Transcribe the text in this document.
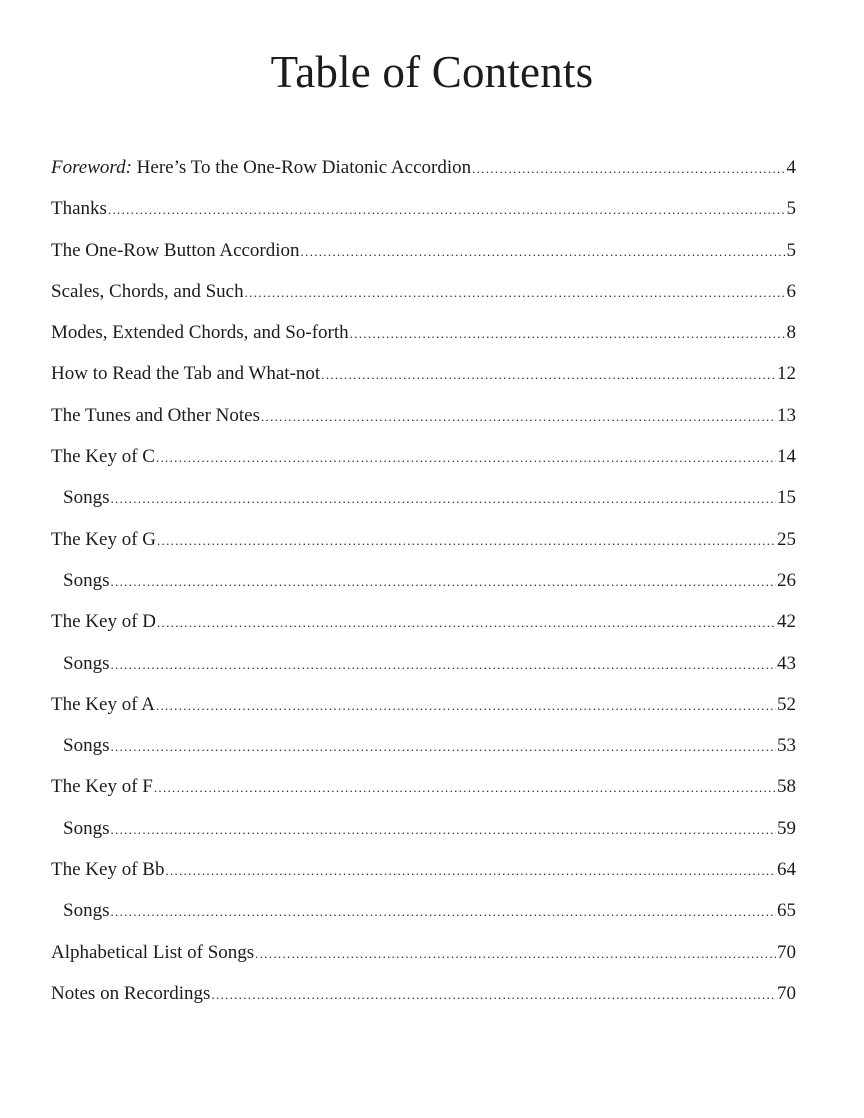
Table of Contents
Foreword: Here’s To the One-Row Diatonic Accordion .....	4
Thanks .....	5
The One-Row Button Accordion .....	5
Scales, Chords, and Such .....	6
Modes, Extended Chords, and So-forth .....	8
How to Read the Tab and What-not .....	12
The Tunes and Other Notes .....	13
The Key of C .....	14
Songs .....	15
The Key of G .....	25
Songs .....	26
The Key of D .....	42
Songs .....	43
The Key of A .....	52
Songs .....	53
The Key of F .....	58
Songs .....	59
The Key of Bb .....	64
Songs .....	65
Alphabetical List of Songs .....	70
Notes on Recordings .....	70
